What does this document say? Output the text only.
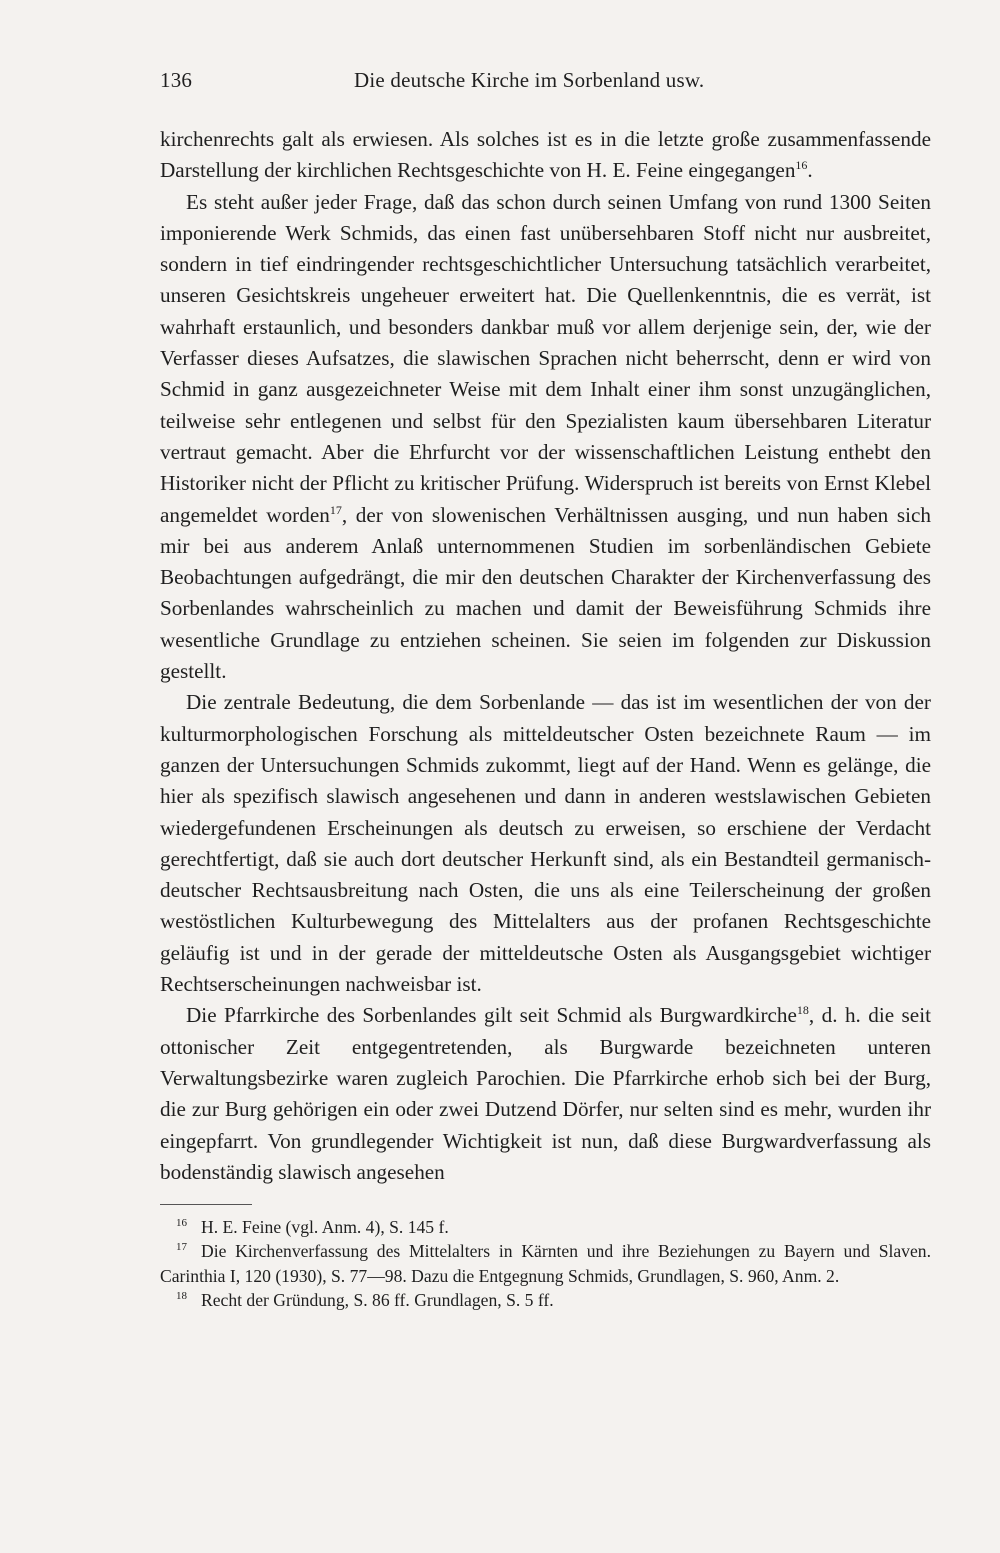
136	Die deutsche Kirche im Sorbenland usw.

kirchenrechts galt als erwiesen. Als solches ist es in die letzte große zusammenfassende Darstellung der kirchlichen Rechtsgeschichte von H. E. Feine eingegangen$^{16}$.

Es steht außer jeder Frage, daß das schon durch seinen Umfang von rund 1300 Seiten imponierende Werk Schmids, das einen fast unübersehbaren Stoff nicht nur ausbreitet, sondern in tief eindringender rechtsgeschichtlicher Untersuchung tatsächlich verarbeitet, unseren Gesichtskreis ungeheuer erweitert hat. Die Quellenkenntnis, die es verrät, ist wahrhaft erstaunlich, und besonders dankbar muß vor allem derjenige sein, der, wie der Verfasser dieses Aufsatzes, die slawischen Sprachen nicht beherrscht, denn er wird von Schmid in ganz ausgezeichneter Weise mit dem Inhalt einer ihm sonst unzugänglichen, teilweise sehr entlegenen und selbst für den Spezialisten kaum übersehbaren Literatur vertraut gemacht. Aber die Ehrfurcht vor der wissenschaftlichen Leistung enthebt den Historiker nicht der Pflicht zu kritischer Prüfung. Widerspruch ist bereits von Ernst Klebel angemeldet worden$^{17}$, der von slowenischen Verhältnissen ausging, und nun haben sich mir bei aus anderem Anlaß unternommenen Studien im sorbenländischen Gebiete Beobachtungen aufgedrängt, die mir den deutschen Charakter der Kirchenverfassung des Sorbenlandes wahrscheinlich zu machen und damit der Beweisführung Schmids ihre wesentliche Grundlage zu entziehen scheinen. Sie seien im folgenden zur Diskussion gestellt.

Die zentrale Bedeutung, die dem Sorbenlande — das ist im wesentlichen der von der kulturmorphologischen Forschung als mitteldeutscher Osten bezeichnete Raum — im ganzen der Untersuchungen Schmids zukommt, liegt auf der Hand. Wenn es gelänge, die hier als spezifisch slawisch angesehenen und dann in anderen westslawischen Gebieten wiedergefundenen Erscheinungen als deutsch zu erweisen, so erschiene der Verdacht gerechtfertigt, daß sie auch dort deutscher Herkunft sind, als ein Bestandteil germanisch-deutscher Rechtsausbreitung nach Osten, die uns als eine Teilerscheinung der großen westöstlichen Kulturbewegung des Mittelalters aus der profanen Rechtsgeschichte geläufig ist und in der gerade der mitteldeutsche Osten als Ausgangsgebiet wichtiger Rechtserscheinungen nachweisbar ist.

Die Pfarrkirche des Sorbenlandes gilt seit Schmid als Burgwardkirche$^{18}$, d. h. die seit ottonischer Zeit entgegentretenden, als Burgwarde bezeichneten unteren Verwaltungsbezirke waren zugleich Parochien. Die Pfarrkirche erhob sich bei der Burg, die zur Burg gehörigen ein oder zwei Dutzend Dörfer, nur selten sind es mehr, wurden ihr eingepfarrt. Von grundlegender Wichtigkeit ist nun, daß diese Burgwardverfassung als bodenständig slawisch angesehen

$^{16}$ H. E. Feine (vgl. Anm. 4), S. 145 f.

$^{17}$ Die Kirchenverfassung des Mittelalters in Kärnten und ihre Beziehungen zu Bayern und Slaven. Carinthia I, 120 (1930), S. 77—98. Dazu die Entgegnung Schmids, Grundlagen, S. 960, Anm. 2.

$^{18}$ Recht der Gründung, S. 86 ff. Grundlagen, S. 5 ff.
